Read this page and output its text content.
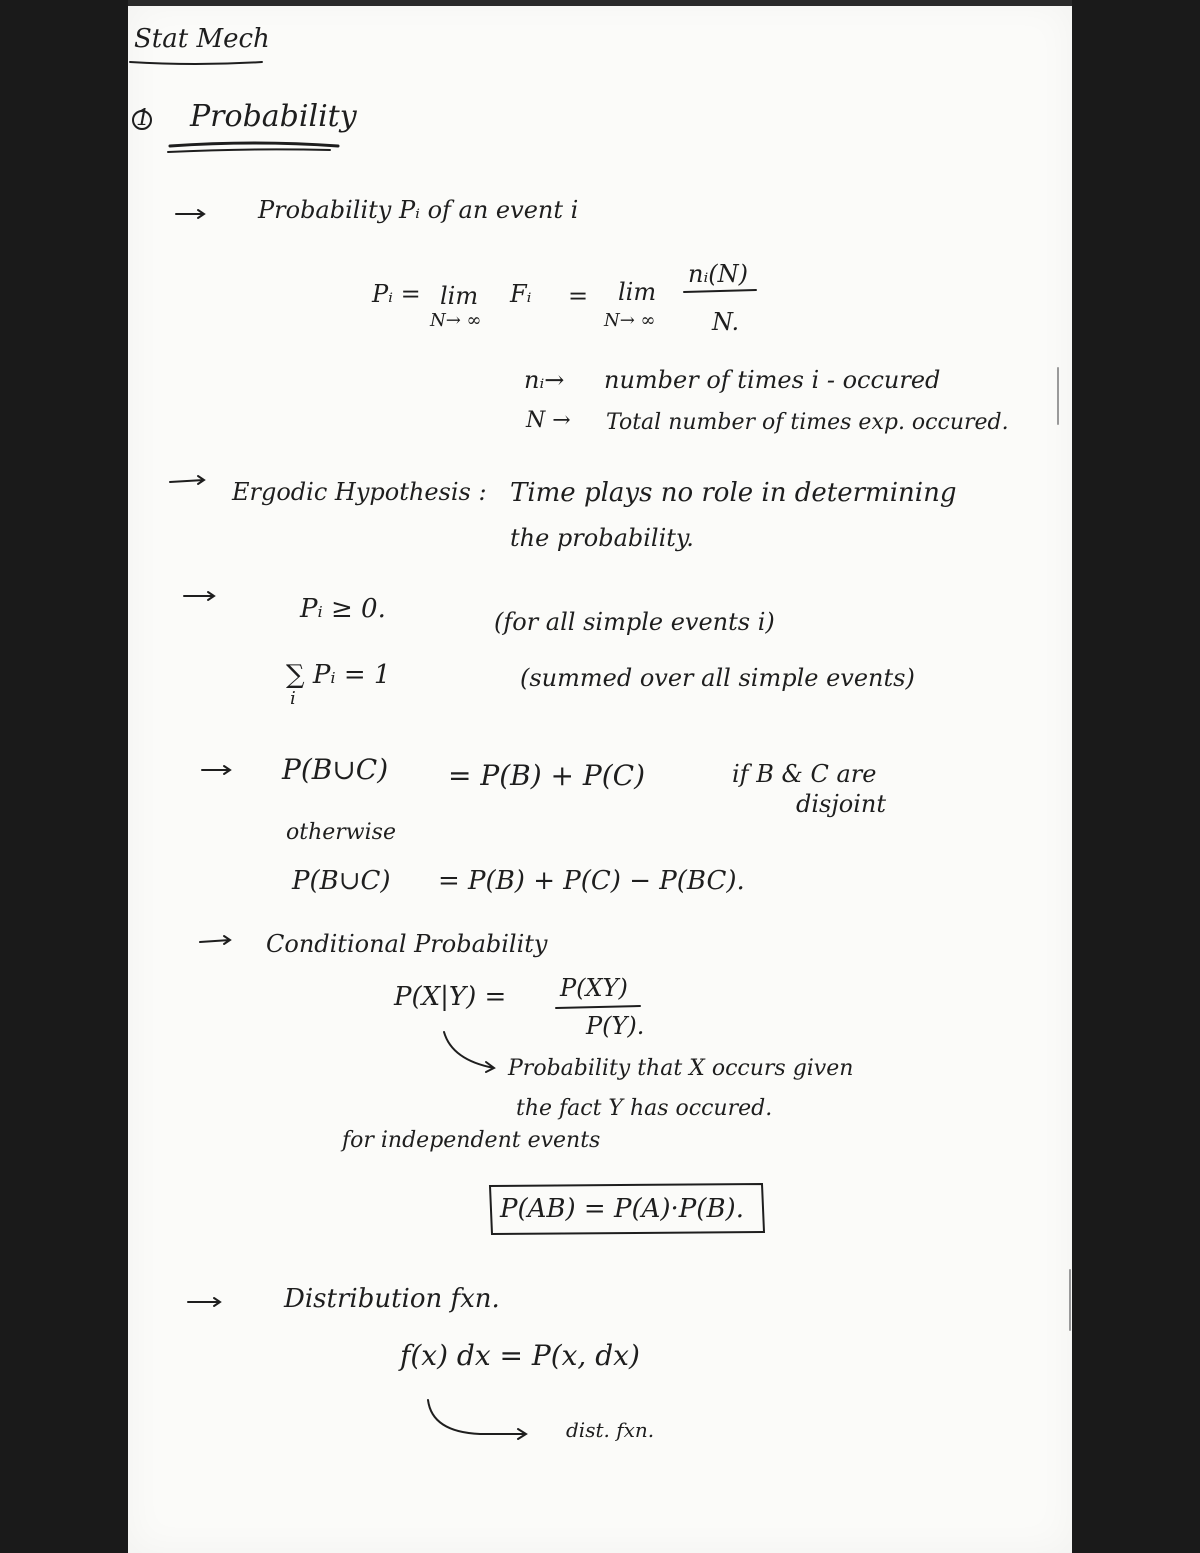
Stat Mech
1 Probability
Probability Pᵢ of an event i
Pᵢ = lim
N→ ∞
Fᵢ = lim
N→ ∞
nᵢ(N)
N.
nᵢ→ number of times i - occured
N → Total number of times exp. occured.
Ergodic Hypothesis : Time plays no role in determining
the probability.
Pᵢ ≥ 0.	(for all simple events i)
∑ Pᵢ = 1
i
(summed over all simple events)
P(B∪C) = P(B) + P(C)	if B & C are
disjoint
otherwise
P(B∪C) = P(B) + P(C) − P(BC).
Conditional Probability
P(X|Y) = P(XY)
P(Y).
Probability that X occurs given
the fact Y has occured.
for independent events
P(AB) = P(A)·P(B).
Distribution fxn.
f(x) dx = P(x, dx)
dist. fxn.
